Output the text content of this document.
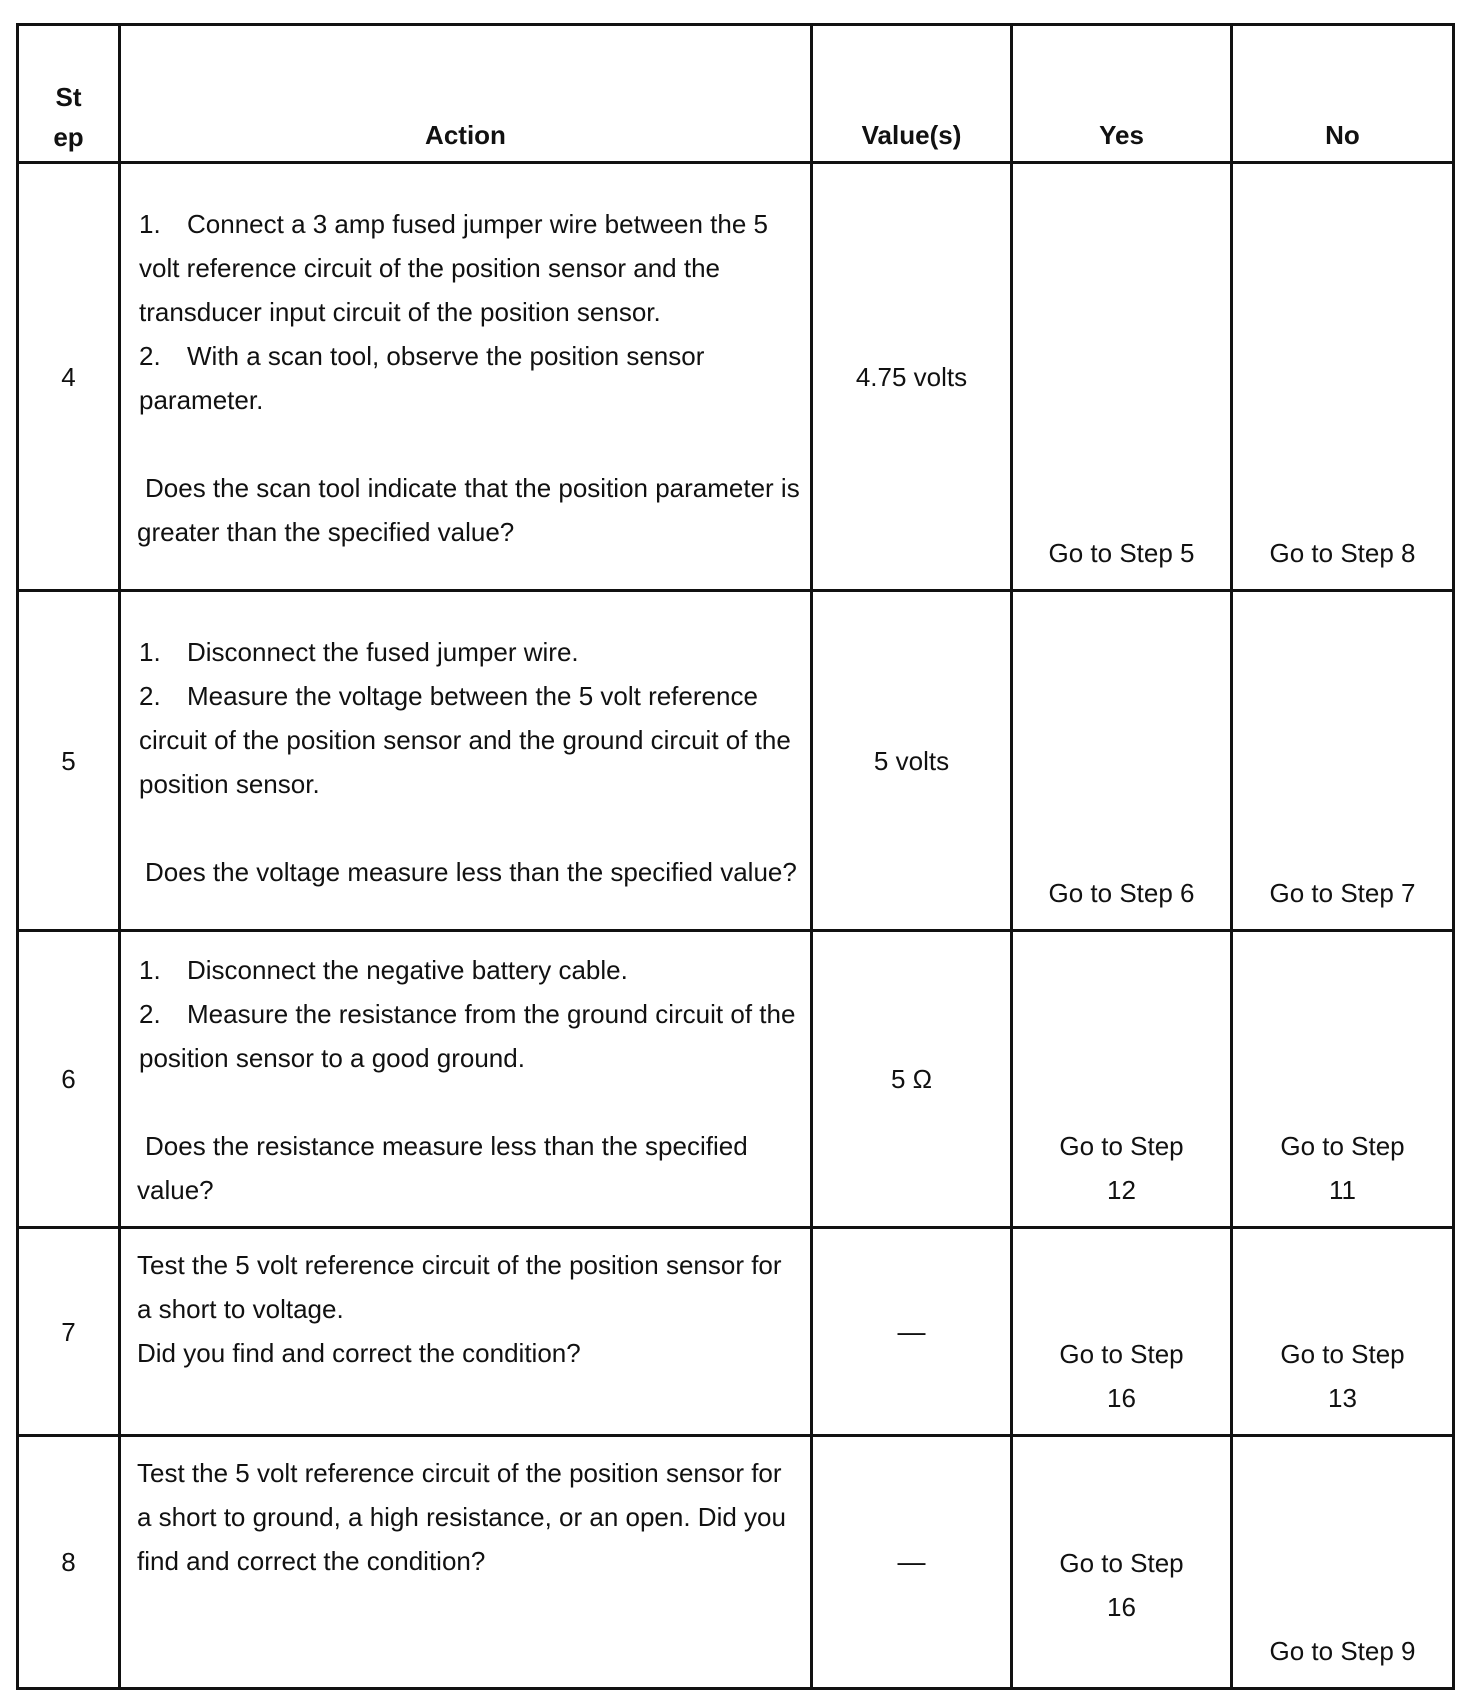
St ep	Action	Value(s)	Yes	No
4	1. Connect a 3 amp fused jumper wire between the 5 volt reference circuit of the position sensor and the transducer input circuit of the position sensor.
2. With a scan tool, observe the position sensor parameter.
Does the scan tool indicate that the position parameter is greater than the specified value?	4.75 volts	Go to Step 5	Go to Step 8
5	1. Disconnect the fused jumper wire.
2. Measure the voltage between the 5 volt reference circuit of the position sensor and the ground circuit of the position sensor.
Does the voltage measure less than the specified value?	5 volts	Go to Step 6	Go to Step 7
6	1. Disconnect the negative battery cable.
2. Measure the resistance from the ground circuit of the position sensor to a good ground.
Does the resistance measure less than the specified value?	5 Ω	Go to Step 12	Go to Step 11
7	Test the 5 volt reference circuit of the position sensor for a short to voltage.
Did you find and correct the condition?	—	Go to Step 16	Go to Step 13
8	Test the 5 volt reference circuit of the position sensor for a short to ground, a high resistance, or an open. Did you find and correct the condition?	—	Go to Step 16	Go to Step 9
